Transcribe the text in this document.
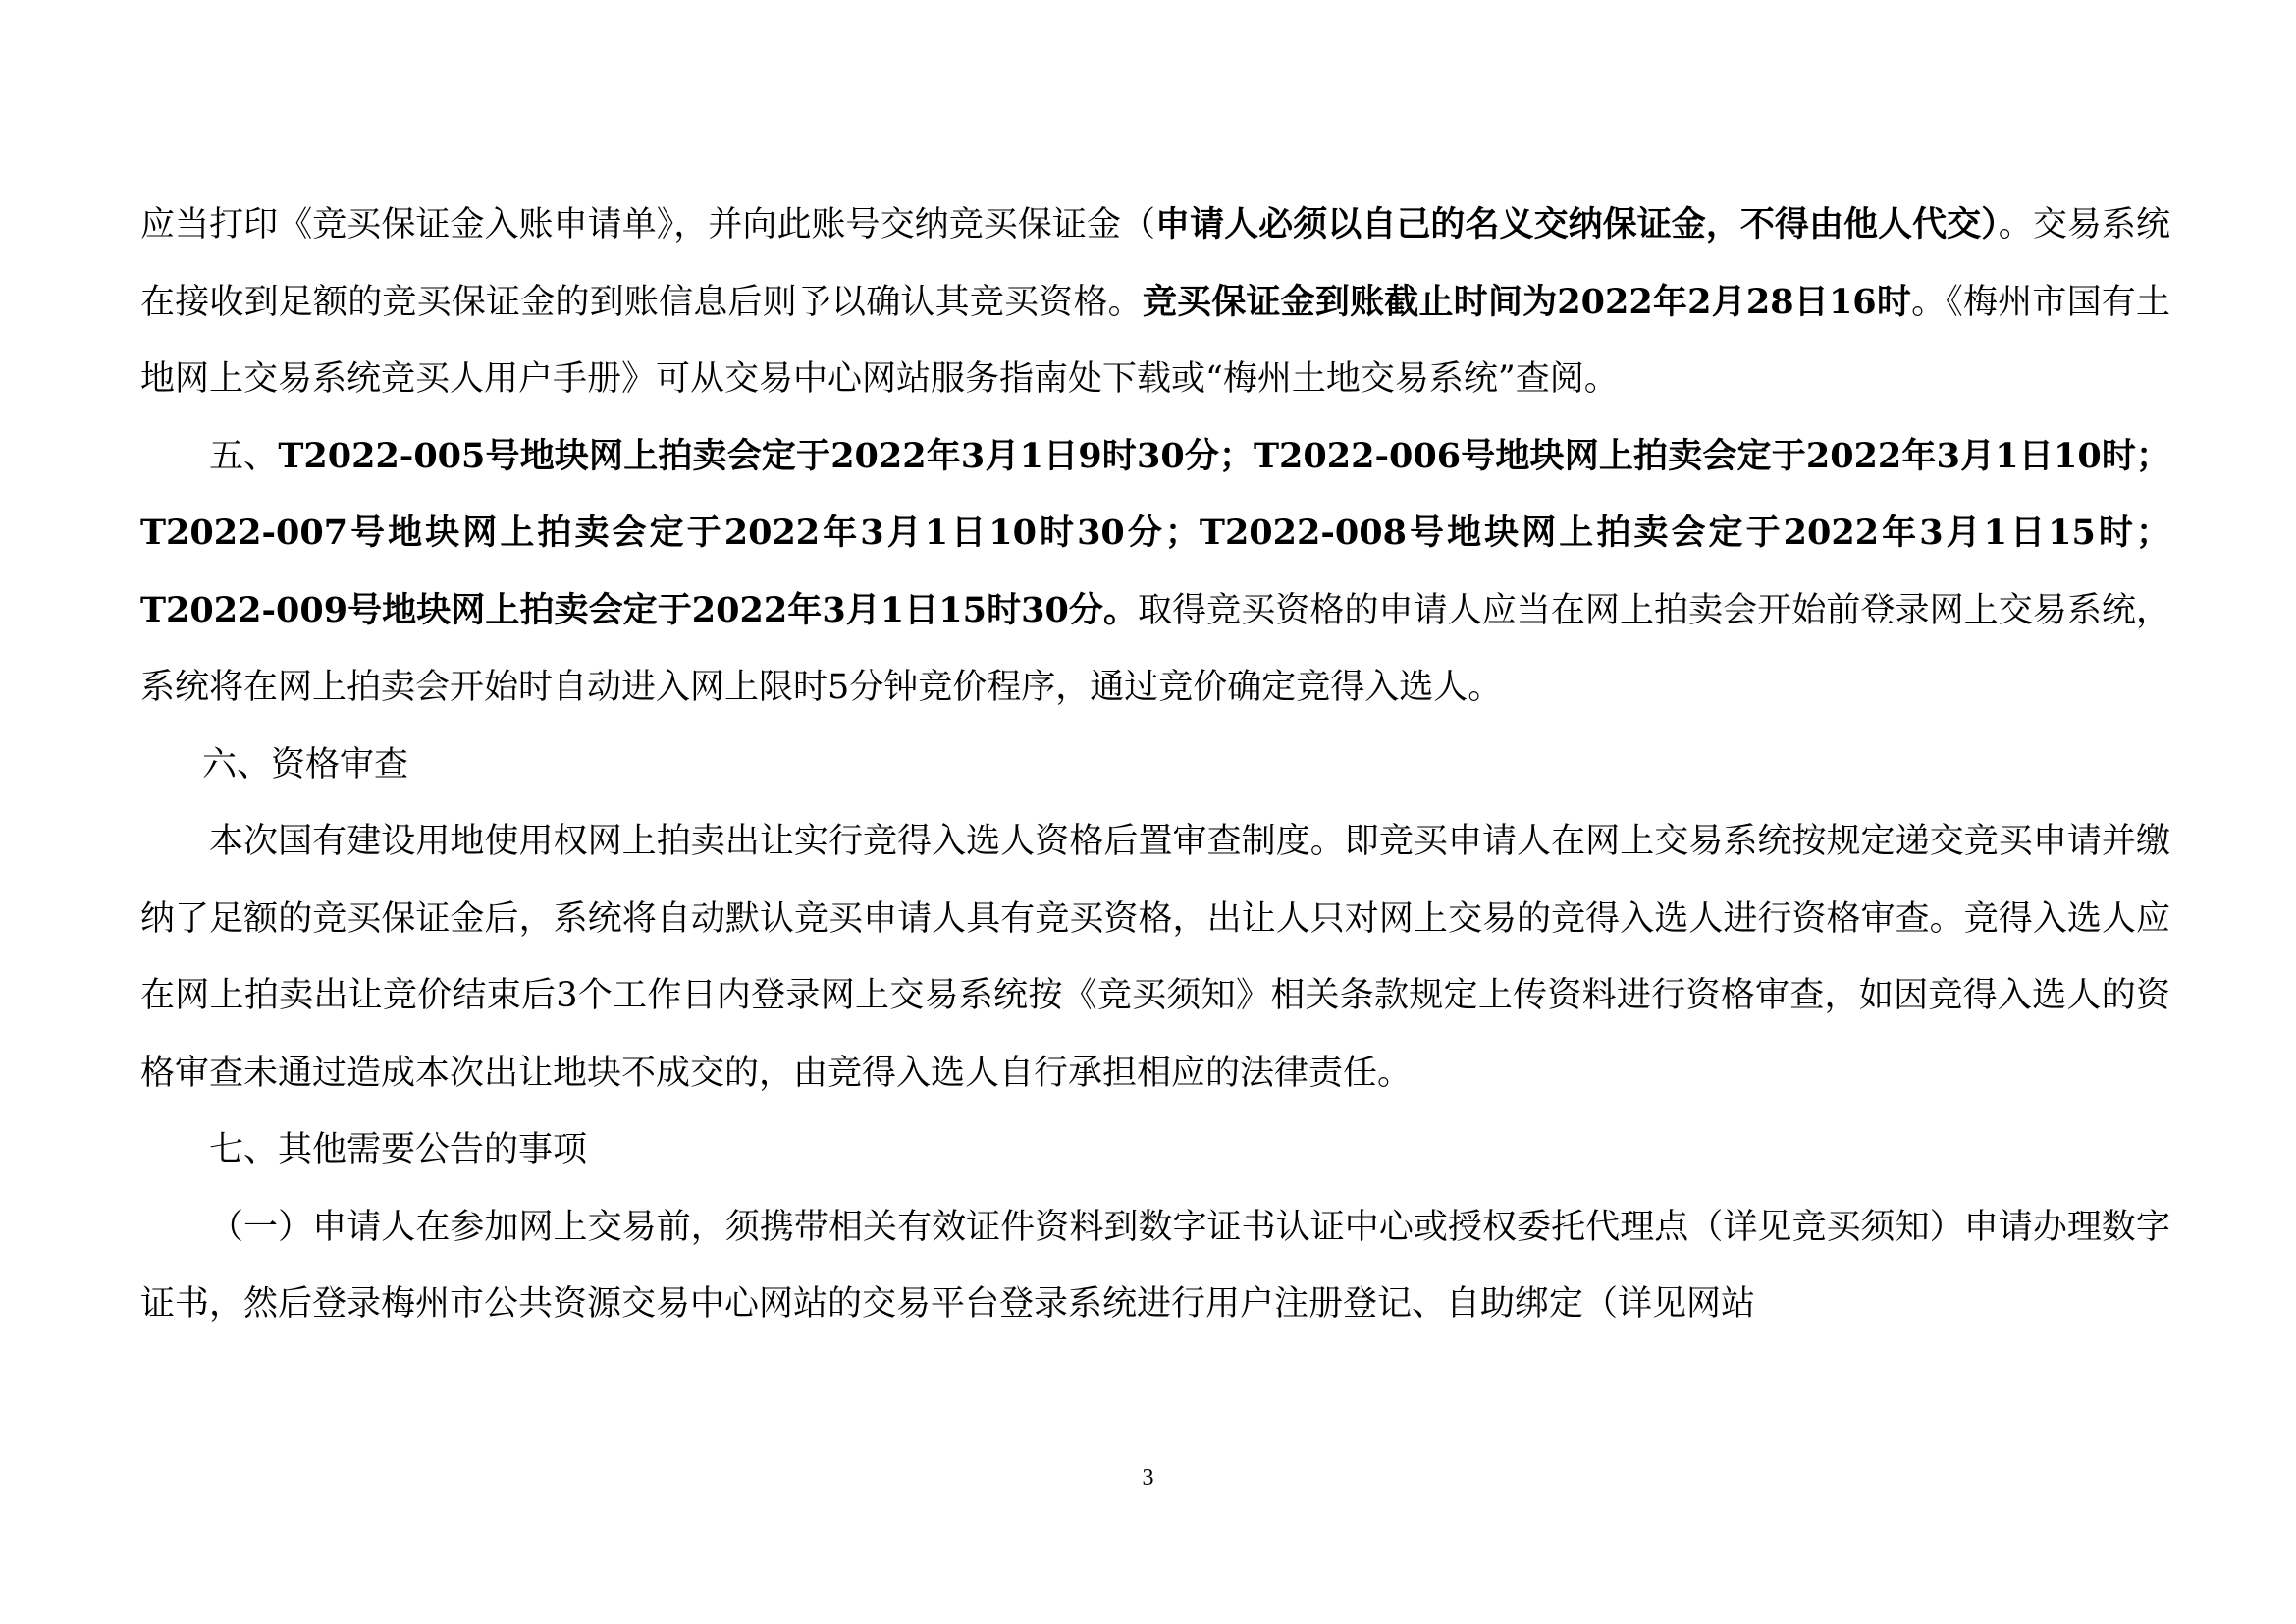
应当打印《竞买保证金入账申请单》，并向此账号交纳竞买保证金（申请人必须以自己的名义交纳保证金，不得由他人代交）。交易系统在接收到足额的竞买保证金的到账信息后则予以确认其竞买资格。竞买保证金到账截止时间为2022年2月28日16时。《梅州市国有土地网上交易系统竞买人用户手册》可从交易中心网站服务指南处下载或“梅州土地交易系统”查阅。

五、T2022-005号地块网上拍卖会定于2022年3月1日9时30分；T2022-006号地块网上拍卖会定于2022年3月1日10时；T2022-007号地块网上拍卖会定于2022年3月1日10时30分；T2022-008号地块网上拍卖会定于2022年3月1日15时；T2022-009号地块网上拍卖会定于2022年3月1日15时30分。取得竞买资格的申请人应当在网上拍卖会开始前登录网上交易系统，系统将在网上拍卖会开始时自动进入网上限时5分钟竞价程序，通过竞价确定竞得入选人。

六、资格审查

本次国有建设用地使用权网上拍卖出让实行竞得入选人资格后置审查制度。即竞买申请人在网上交易系统按规定递交竞买申请并缴纳了足额的竞买保证金后，系统将自动默认竞买申请人具有竞买资格，出让人只对网上交易的竞得入选人进行资格审查。竞得入选人应在网上拍卖出让竞价结束后3个工作日内登录网上交易系统按《竞买须知》相关条款规定上传资料进行资格审查，如因竞得入选人的资格审查未通过造成本次出让地块不成交的，由竞得入选人自行承担相应的法律责任。

七、其他需要公告的事项

（一）申请人在参加网上交易前，须携带相关有效证件资料到数字证书认证中心或授权委托代理点（详见竞买须知）申请办理数字证书，然后登录梅州市公共资源交易中心网站的交易平台登录系统进行用户注册登记、自助绑定（详见网站

3
